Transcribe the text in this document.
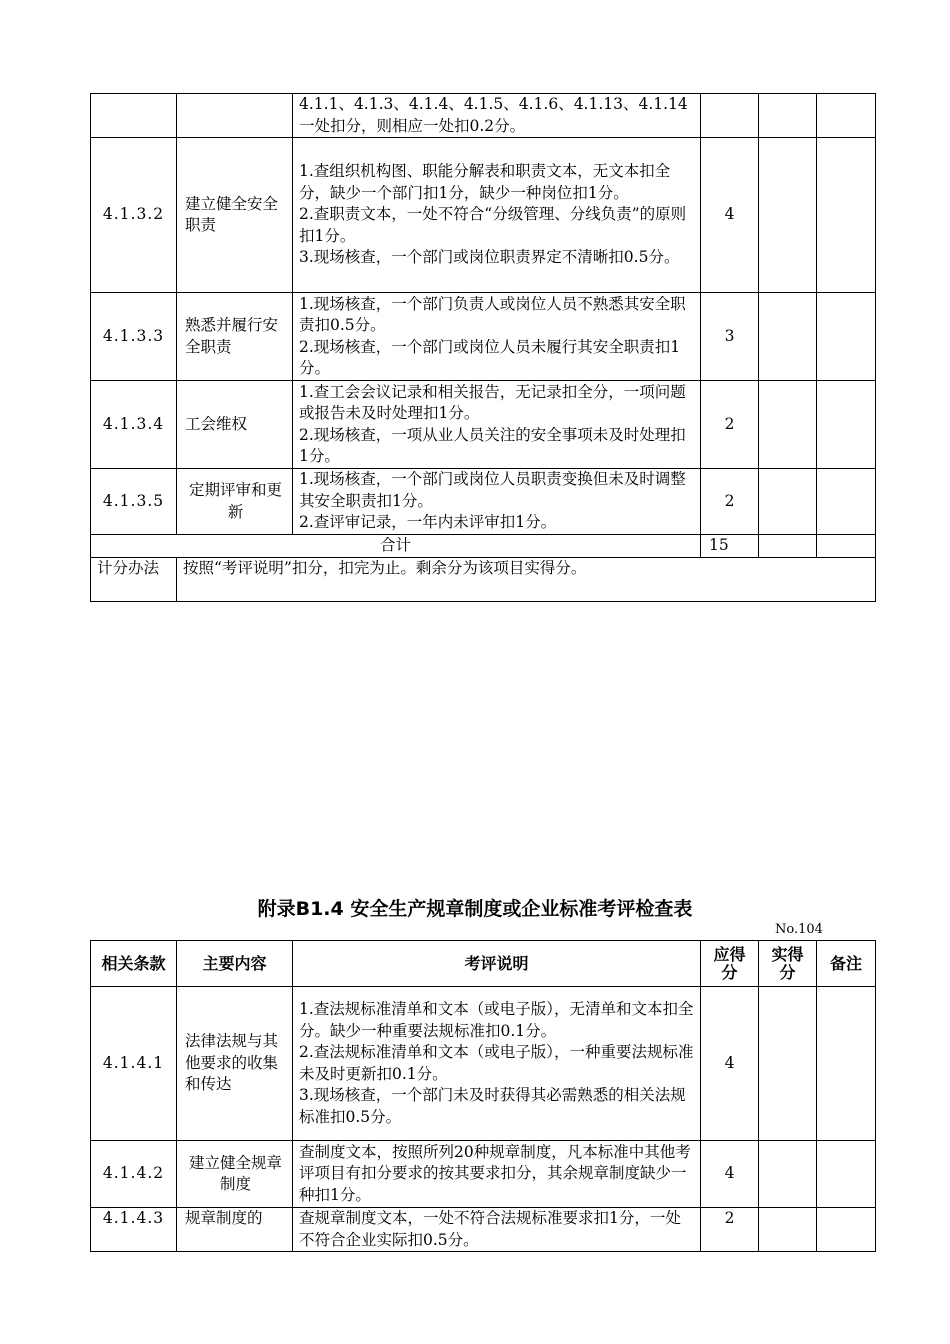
		4.1.1、4.1.3、4.1.4、4.1.5、4.1.6、4.1.13、4.1.14一处扣分，则相应一处扣0.2分。			

4.1.3.2	建立健全安全职责	1.查组织机构图、职能分解表和职责文本，无文本扣全分，缺少一个部门扣1分，缺少一种岗位扣1分。
2.查职责文本，一处不符合“分级管理、分线负责”的原则扣1分。
3.现场核查，一个部门或岗位职责界定不清晰扣0.5分。	4		
4.1.3.3	熟悉并履行安全职责	1.现场核查，一个部门负责人或岗位人员不熟悉其安全职责扣0.5分。
2.现场核查，一个部门或岗位人员未履行其安全职责扣1分。	3		
4.1.3.4	工会维权	1.查工会会议记录和相关报告，无记录扣全分，一项问题或报告未及时处理扣1分。
2.现场核查，一项从业人员关注的安全事项未及时处理扣1分。	2		
4.1.3.5	定期评审和更新	1.现场核查，一个部门或岗位人员职责变换但未及时调整其安全职责扣1分。
2.查评审记录，一年内未评审扣1分。	2		
合计			15		
计分办法	按照“考评说明”扣分，扣完为止。剩余分为该项目实得分。				
附录B1.4 安全生产规章制度或企业标准考评检查表
No.104
相关条款	主要内容	考评说明	应得分	实得分	备注
4.1.4.1	法律法规与其他要求的收集和传达	1.查法规标准清单和文本（或电子版），无清单和文本扣全分。缺少一种重要法规标准扣0.1分。
2.查法规标准清单和文本（或电子版），一种重要法规标准未及时更新扣0.1分。
3.现场核查，一个部门未及时获得其必需熟悉的相关法规标准扣0.5分。	4		
4.1.4.2	建立健全规章制度	查制度文本，按照所列20种规章制度，凡本标准中其他考评项目有扣分要求的按其要求扣分，其余规章制度缺少一种扣1分。	4		
4.1.4.3	规章制度的	查规章制度文本，一处不符合法规标准要求扣1分，一处不符合企业实际扣0.5分。	2		
